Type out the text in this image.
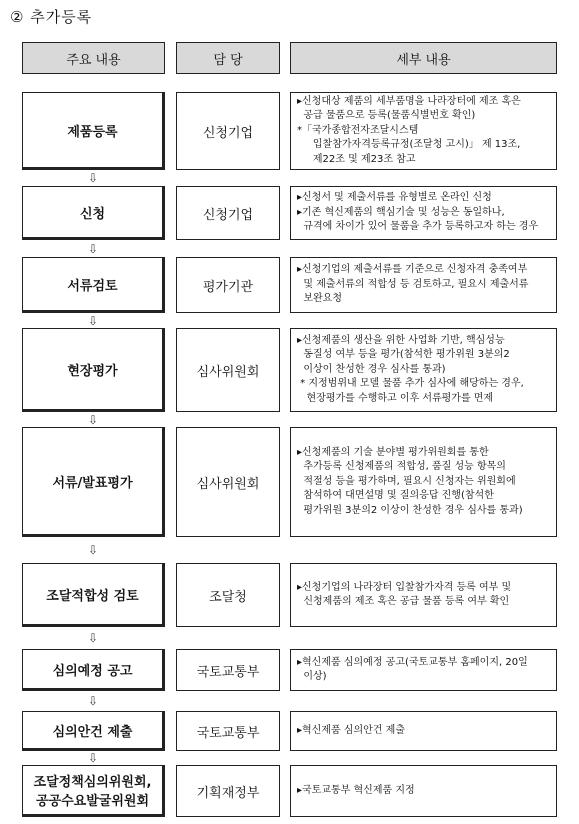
② 추가등록
주요 내용	담 당	세부 내용
제품등록	신청기업
▸신청대상 제품의 세부품명을 나라장터에 제조 혹은
공급 물품으로 등록(물품식별번호 확인)
*「국가종합전자조달시스템
입찰참가자격등록규정(조달청 고시)」 제 13조,
제22조 및 제23조 참고
⇩
신청	신청기업
▸신청서 및 제출서류를 유형별로 온라인 신청
▸기존 혁신제품의 핵심기술 및 성능은 동일하나,
규격에 차이가 있어 물품을 추가 등록하고자 하는 경우
⇩
서류검토	평가기관
▸신청기업의 제출서류를 기준으로 신청자격 충족여부
및 제출서류의 적합성 등 검토하고, 필요시 제출서류
보완요청
⇩
현장평가	심사위원회
▸신청제품의 생산을 위한 사업화 기반, 핵심성능
동질성 여부 등을 평가(참석한 평가위원 3분의2
이상이 찬성한 경우 심사를 통과)
* 지정범위내 모델 물품 추가 심사에 해당하는 경우,
현장평가를 수행하고 이후 서류평가를 면제
⇩
서류/발표평가	심사위원회
▸신청제품의 기술 분야별 평가위원회를 통한
추가등록 신청제품의 적합성, 품질 성능 항목의
적절성 등을 평가하며, 필요시 신청자는 위원회에
참석하여 대면설명 및 질의응답 진행(참석한
평가위원 3분의2 이상이 찬성한 경우 심사를 통과)
⇩
조달적합성 검토	조달청
▸신청기업의 나라장터 입찰참가자격 등록 여부 및
신청제품의 제조 혹은 공급 물품 등록 여부 확인
⇩
심의예정 공고	국토교통부
▸혁신제품 심의예정 공고(국토교통부 홈페이지, 20일
이상)
⇩
심의안건 제출	국토교통부	▸혁신제품 심의안건 제출
⇩
조달정책심의위원회,
공공수요발굴위원회
기획재정부	▸국토교통부 혁신제품 지정
